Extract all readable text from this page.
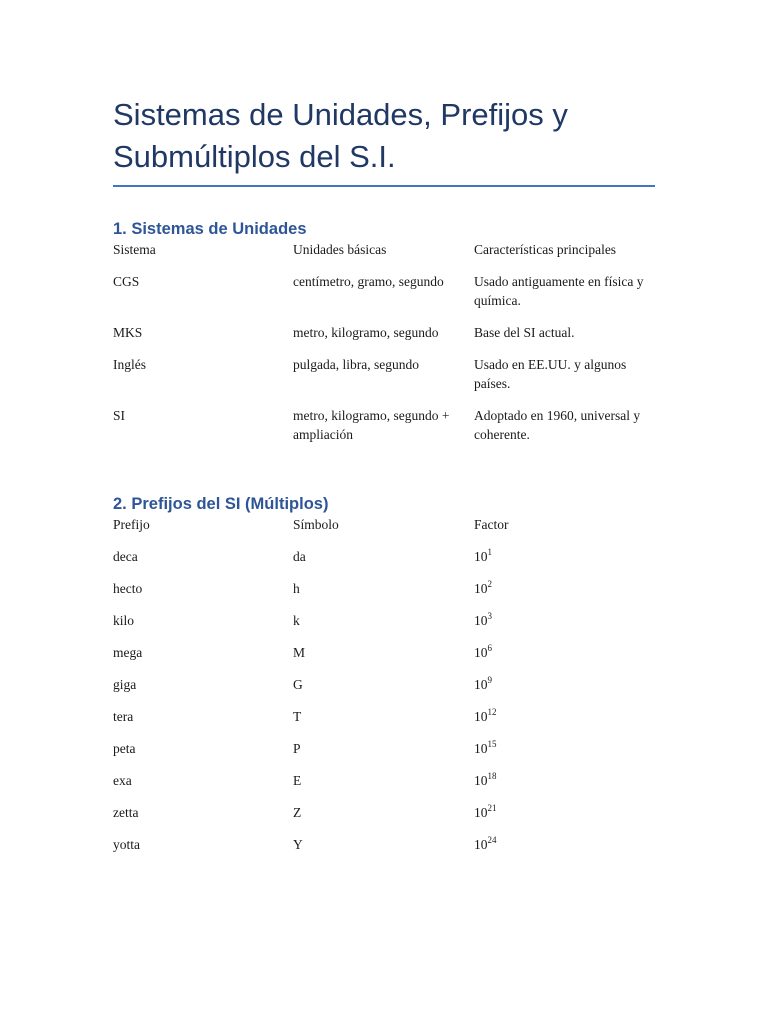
Sistemas de Unidades, Prefijos y Submúltiplos del S.I.
1. Sistemas de Unidades
Sistema	Unidades básicas	Características principales
CGS	centímetro, gramo, segundo	Usado antiguamente en física y química.
MKS	metro, kilogramo, segundo	Base del SI actual.
Inglés	pulgada, libra, segundo	Usado en EE.UU. y algunos países.
SI	metro, kilogramo, segundo + ampliación	Adoptado en 1960, universal y coherente.
2. Prefijos del SI (Múltiplos)
Prefijo	Símbolo	Factor
deca	da	$10^1$
hecto	h	$10^2$
kilo	k	$10^3$
mega	M	$10^6$
giga	G	$10^9$
tera	T	$10^{12}$
peta	P	$10^{15}$
exa	E	$10^{18}$
zetta	Z	$10^{21}$
yotta	Y	$10^{24}$
